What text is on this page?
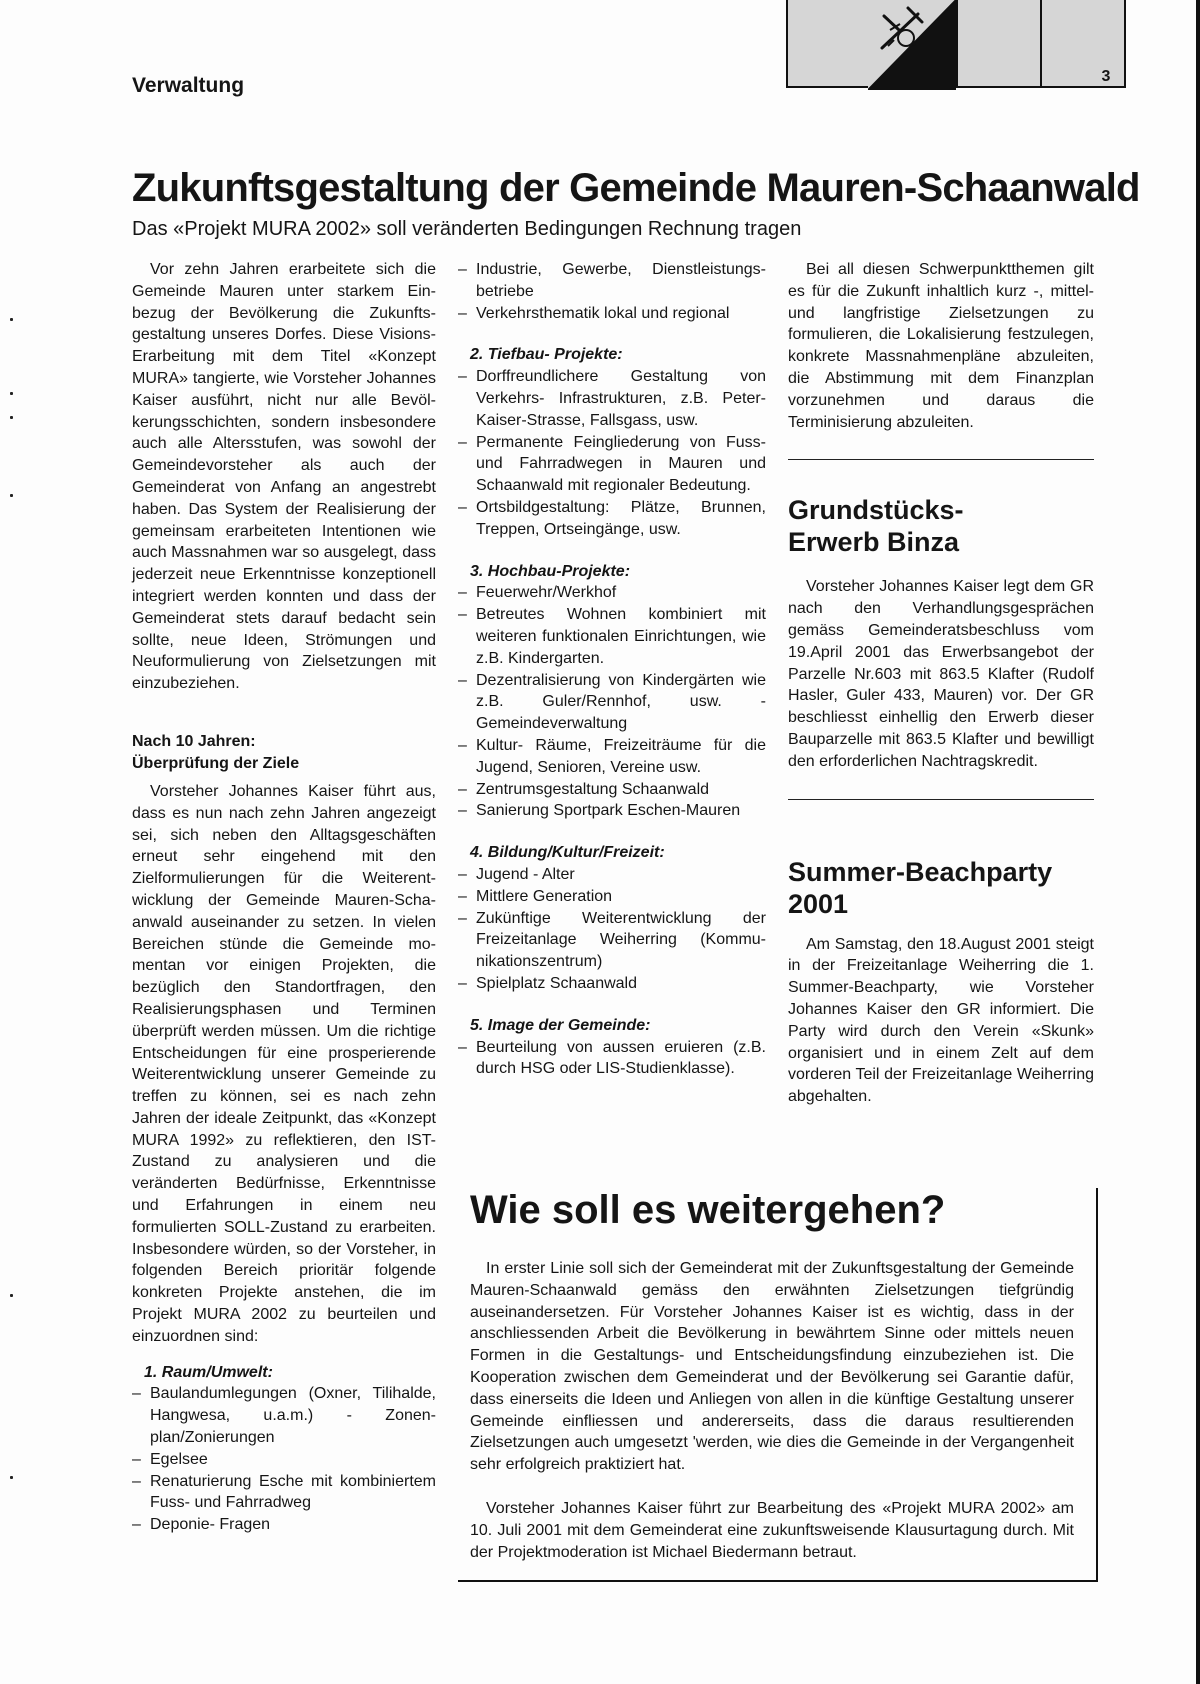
3
Verwaltung
Zukunftsgestaltung der Gemeinde Mauren-Schaanwald

Das «Projekt MURA 2002» soll veränderten Bedingungen Rechnung tragen

Vor zehn Jahren erarbeitete sich die Gemeinde Mauren unter starkem Einbezug der Bevölkerung die Zukunftsgestaltung unseres Dorfes. Diese Visions-Erarbeitung mit dem Titel «Konzept MURA» tangierte, wie Vorsteher Johannes Kaiser ausführt, nicht nur alle Bevölkerungsschichten, sondern insbesondere auch alle Altersstufen, was sowohl der Gemeindevorsteher als auch der Gemeinderat von Anfang an angestrebt haben. Das System der Realisierung der gemeinsam erarbeiteten Intentionen wie auch Massnahmen war so ausgelegt, dass jederzeit neue Erkenntnisse konzeptionell integriert werden konnten und dass der Gemeinderat stets darauf bedacht sein sollte, neue Ideen, Strömungen und Neuformulierung von Zielsetzungen mit einzubeziehen.

Nach 10 Jahren:

Überprüfung der Ziele

Vorsteher Johannes Kaiser führt aus, dass es nun nach zehn Jahren angezeigt sei, sich neben den Alltagsgeschäften erneut sehr eingehend mit den Zielformulierungen für die Weiterentwicklung der Gemeinde Mauren-Schaanwald auseinander zu setzen. In vielen Bereichen stünde die Gemeinde momentan vor einigen Projekten, die bezüglich den Standortfragen, den Realisierungsphasen und Terminen überprüft werden müssen. Um die richtige Entscheidungen für eine prosperierende Weiterentwicklung unserer Gemeinde zu treffen zu können, sei es nach zehn Jahren der ideale Zeitpunkt, das «Konzept MURA 1992» zu reflektieren, den IST- Zustand zu analysieren und die veränderten Bedürfnisse, Erkenntnisse und Erfahrungen in einem neu formulierten SOLL-Zustand zu erarbeiten. Insbesondere würden, so der Vorsteher, in folgenden Bereich prioritär folgende konkreten Projekte anstehen, die im Projekt MURA 2002 zu beurteilen und einzuordnen sind:

1. Raum/Umwelt:

– Baulandumlegungen (Oxner, Tilihalde, Hangwesa, u.a.m.) - Zonenplan/Zonierungen
– Egelsee
– Renaturierung Esche mit kombiniertem Fuss- und Fahrradweg
– Deponie- Fragen
– Industrie, Gewerbe, Dienstleistungsbetriebe
– Verkehrsthematik lokal und regional

2. Tiefbau- Projekte:

– Dorffreundlichere Gestaltung von Verkehrs- Infrastrukturen, z.B. Peter-Kaiser-Strasse, Fallsgass, usw.
– Permanente Feingliederung von Fuss-und Fahrradwegen in Mauren und Schaanwald mit regionaler Bedeutung.
– Ortsbildgestaltung: Plätze, Brunnen, Treppen, Ortseingänge, usw.

3. Hochbau-Projekte:

– Feuerwehr/Werkhof
– Betreutes Wohnen kombiniert mit weiteren funktionalen Einrichtungen, wie z.B. Kindergarten.
– Dezentralisierung von Kindergärten wie z.B. Guler/Rennhof, usw. - Gemeindeverwaltung
– Kultur- Räume, Freizeiträume für die Jugend, Senioren, Vereine usw.
– Zentrumsgestaltung Schaanwald
– Sanierung Sportpark Eschen-Mauren

4. Bildung/Kultur/Freizeit:

– Jugend - Alter
– Mittlere Generation
– Zukünftige Weiterentwicklung der Freizeitanlage Weiherring (Kommunikationszentrum)
– Spielplatz Schaanwald

5. Image der Gemeinde:

– Beurteilung von aussen eruieren (z.B. durch HSG oder LIS-Studienklasse).

Bei all diesen Schwerpunktthemen gilt es für die Zukunft inhaltlich kurz -, mittel- und langfristige Zielsetzungen zu formulieren, die Lokalisierung festzulegen, konkrete Massnahmenpläne abzuleiten, die Abstimmung mit dem Finanzplan vorzunehmen und daraus die Terminisierung abzuleiten.

Grundstücks-
Erwerb Binza

Vorsteher Johannes Kaiser legt dem GR nach den Verhandlungsgesprächen gemäss Gemeinderatsbeschluss vom 19.April 2001 das Erwerbsangebot der Parzelle Nr.603 mit 863.5 Klafter (Rudolf Hasler, Guler 433, Mauren) vor. Der GR beschliesst einhellig den Erwerb dieser Bauparzelle mit 863.5 Klafter und bewilligt den erforderlichen Nachtragskredit.

Summer-Beachparty
2001

Am Samstag, den 18.August 2001 steigt in der Freizeitanlage Weiherring die 1. Summer-Beachparty, wie Vorsteher Johannes Kaiser den GR informiert. Die Party wird durch den Verein «Skunk» organisiert und in einem Zelt auf dem vorderen Teil der Freizeitanlage Weiherring abgehalten.

Wie soll es weitergehen?

In erster Linie soll sich der Gemeinderat mit der Zukunftsgestaltung der Gemeinde Mauren-Schaanwald gemäss den erwähnten Zielsetzungen tiefgründig auseinandersetzen. Für Vorsteher Johannes Kaiser ist es wichtig, dass in der anschliessenden Arbeit die Bevölkerung in bewährtem Sinne oder mittels neuen Formen in die Gestaltungs- und Entscheidungsfindung einzubeziehen ist. Die Kooperation zwischen dem Gemeinderat und der Bevölkerung sei Garantie dafür, dass einerseits die Ideen und Anliegen von allen in die künftige Gestaltung unserer Gemeinde einfliessen und andererseits, dass die daraus resultierenden Zielsetzungen auch umgesetzt 'werden, wie dies die Gemeinde in der Vergangenheit sehr erfolgreich praktiziert hat.

Vorsteher Johannes Kaiser führt zur Bearbeitung des «Projekt MURA 2002» am 10. Juli 2001 mit dem Gemeinderat eine zukunftsweisende Klausurtagung durch. Mit der Projektmoderation ist Michael Biedermann betraut.
